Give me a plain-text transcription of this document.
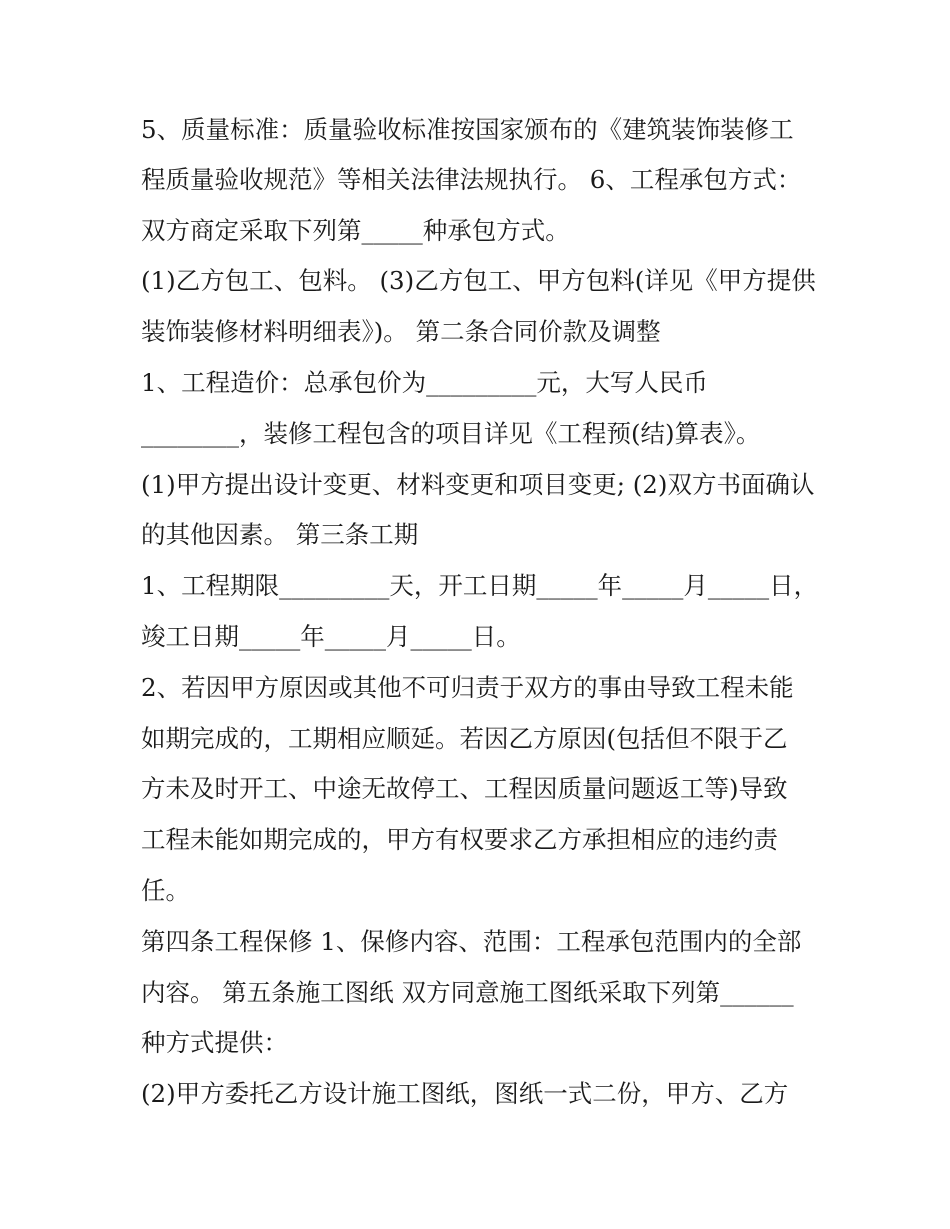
5、质量标准：质量验收标准按国家颁布的《建筑装饰装修工
程质量验收规范》等相关法律法规执行。 6、工程承包方式：
双方商定采取下列第_____种承包方式。
(1)乙方包工、包料。 (3)乙方包工、甲方包料(详见《甲方提供
装饰装修材料明细表》)。 第二条合同价款及调整
1、工程造价：总承包价为_________元，大写人民币
________，装修工程包含的项目详见《工程预(结)算表》。
(1)甲方提出设计变更、材料变更和项目变更; (2)双方书面确认
的其他因素。 第三条工期
1、工程期限_________天，开工日期_____年_____月_____日，
竣工日期_____年_____月_____日。
2、若因甲方原因或其他不可归责于双方的事由导致工程未能
如期完成的，工期相应顺延。若因乙方原因(包括但不限于乙
方未及时开工、中途无故停工、工程因质量问题返工等)导致
工程未能如期完成的，甲方有权要求乙方承担相应的违约责
任。
第四条工程保修 1、保修内容、范围：工程承包范围内的全部
内容。 第五条施工图纸 双方同意施工图纸采取下列第______
种方式提供：
(2)甲方委托乙方设计施工图纸，图纸一式二份，甲方、乙方
